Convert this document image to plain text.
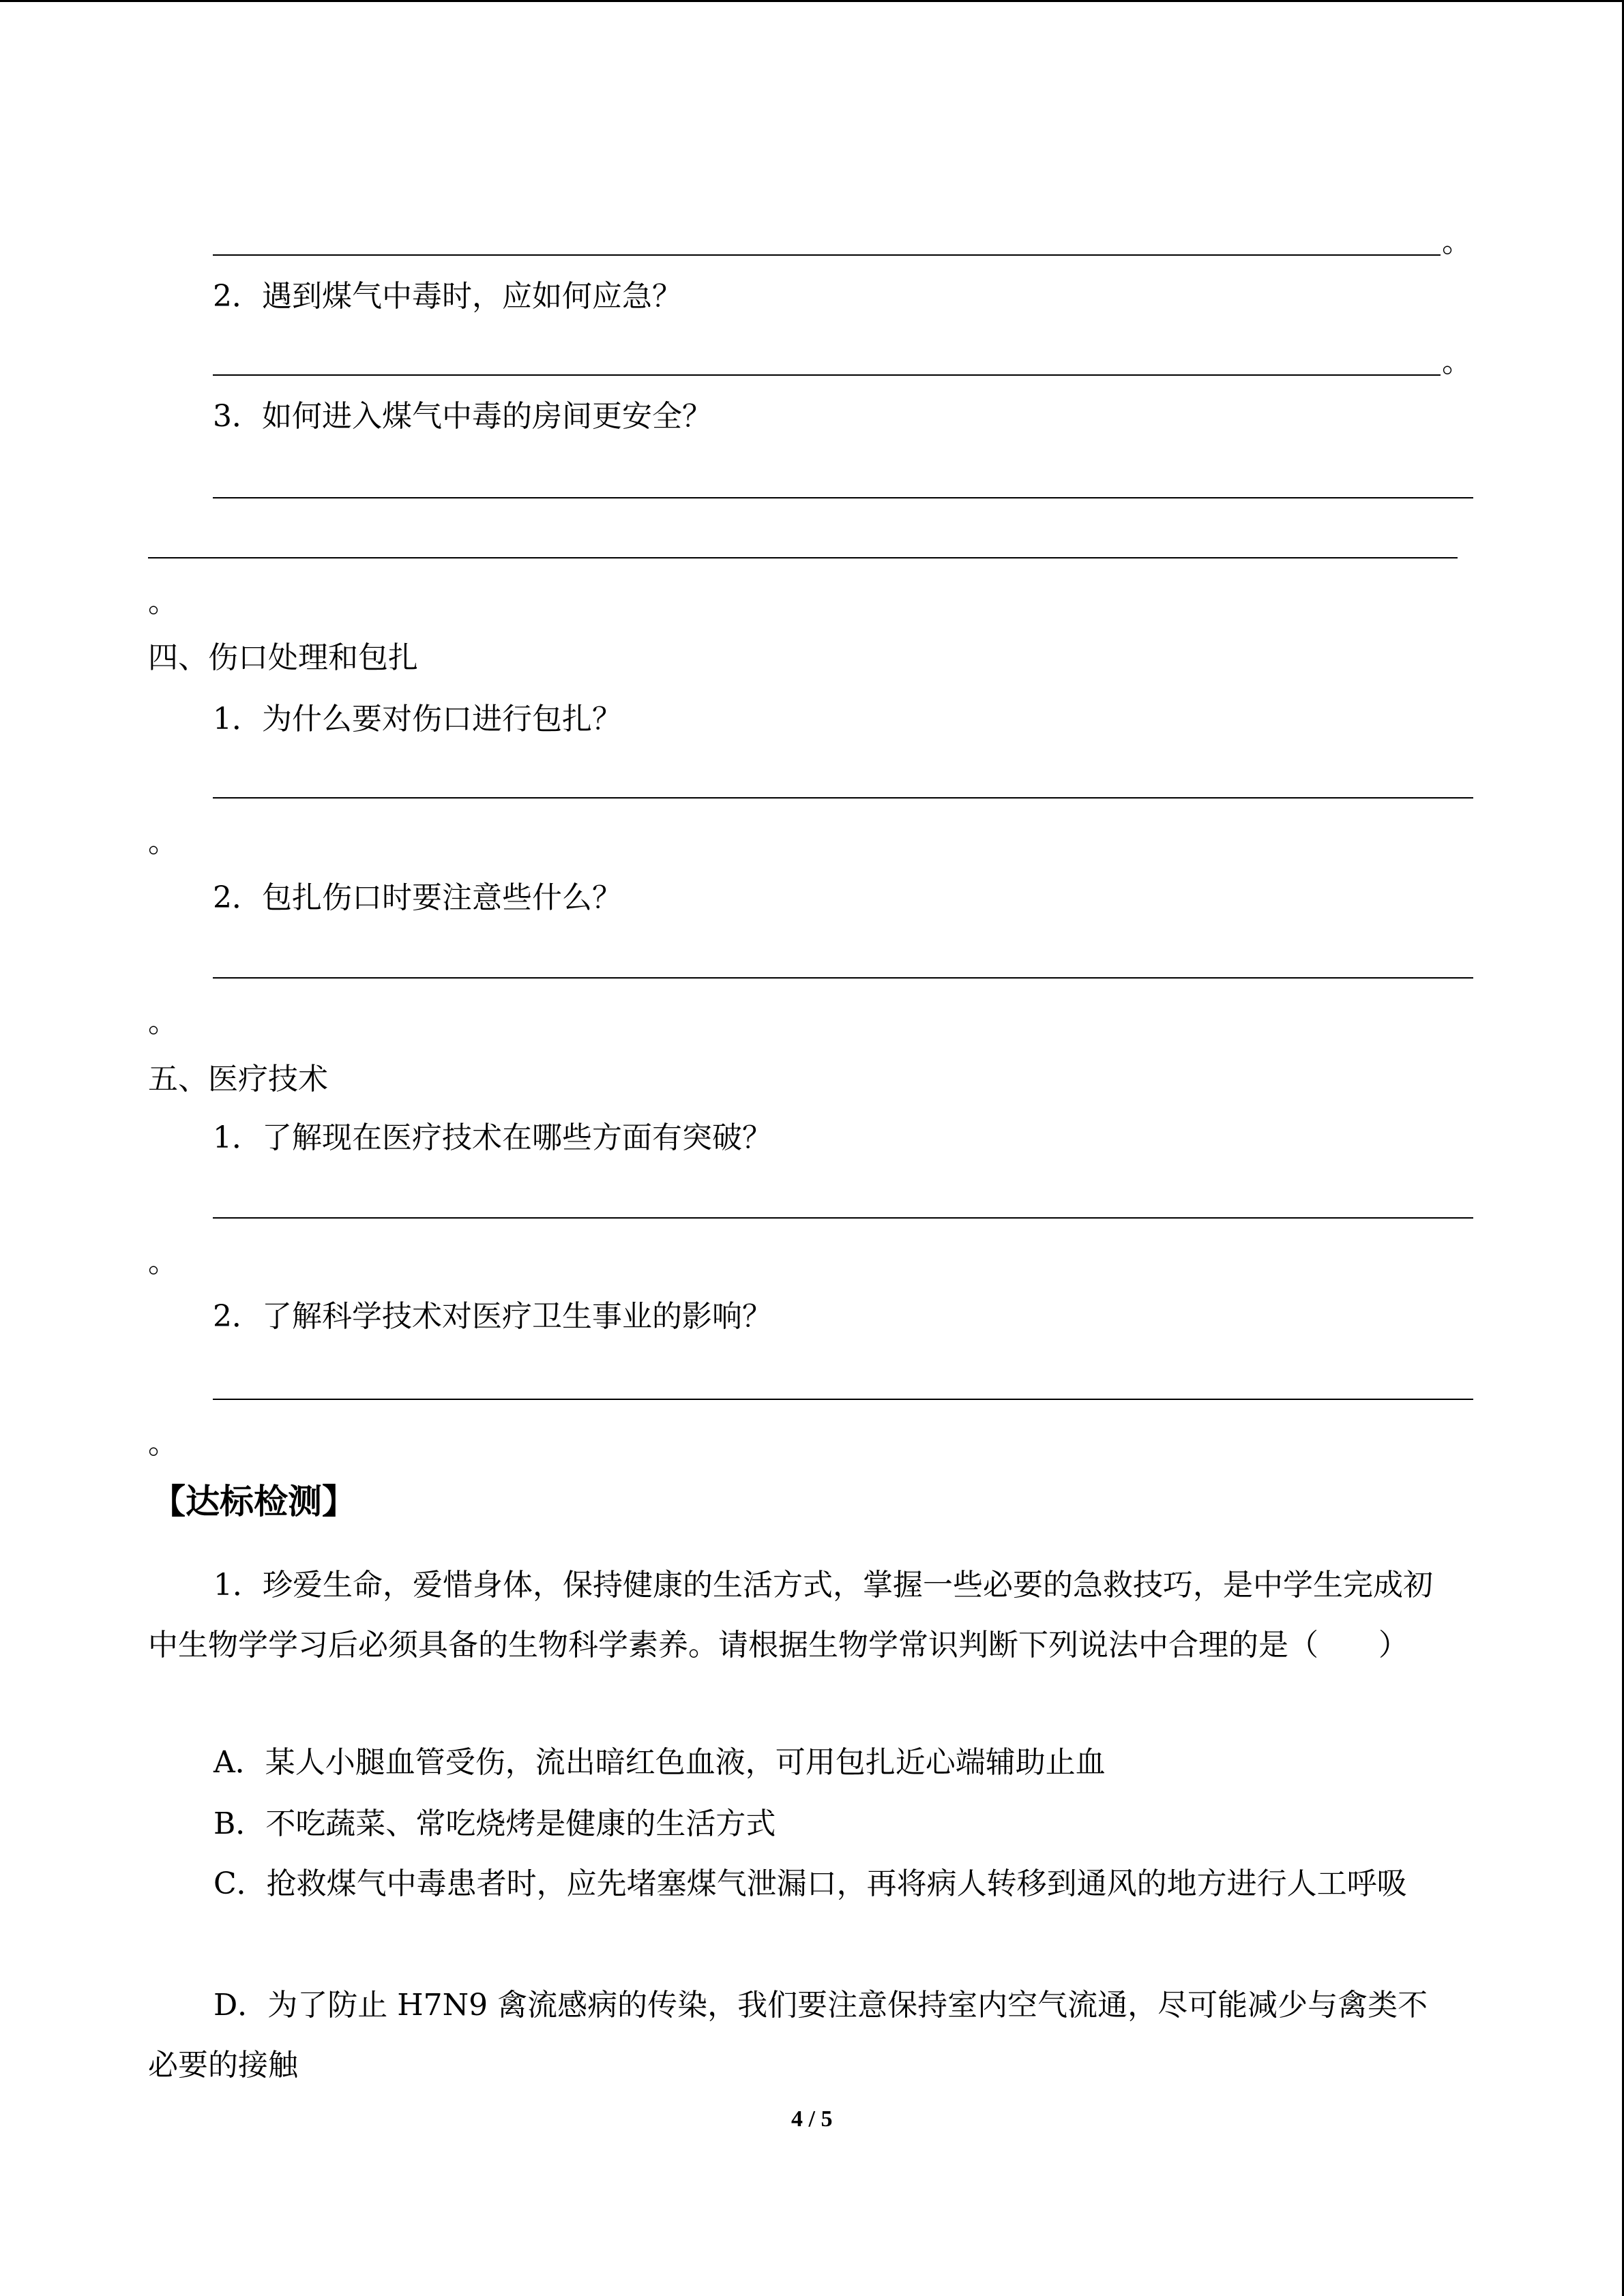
。
2．遇到煤气中毒时，应如何应急？
。
3．如何进入煤气中毒的房间更安全？
。
四、伤口处理和包扎
1．为什么要对伤口进行包扎？
。
2．包扎伤口时要注意些什么？
。
五、医疗技术
1．了解现在医疗技术在哪些方面有突破？
。
2．了解科学技术对医疗卫生事业的影响？
。
【达标检测】
1．珍爱生命，爱惜身体，保持健康的生活方式，掌握一些必要的急救技巧，是中学生完成初中生物学学习后必须具备的生物科学素养。请根据生物学常识判断下列说法中合理的是（　　）
A．某人小腿血管受伤，流出暗红色血液，可用包扎近心端辅助止血
B．不吃蔬菜、常吃烧烤是健康的生活方式
C．抢救煤气中毒患者时，应先堵塞煤气泄漏口，再将病人转移到通风的地方进行人工呼吸
D．为了防止 H7N9 禽流感病的传染，我们要注意保持室内空气流通，尽可能减少与禽类不必要的接触
4 / 5
